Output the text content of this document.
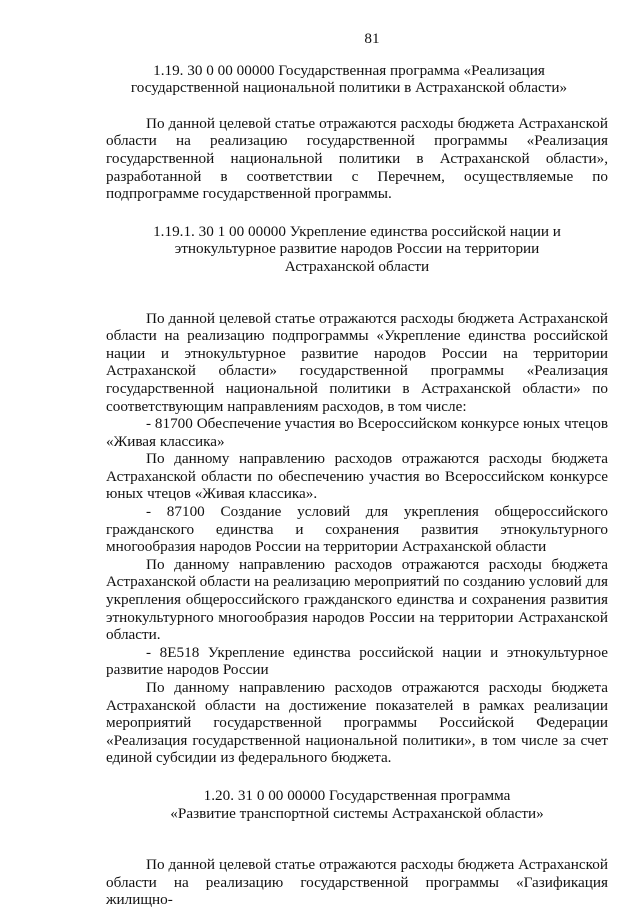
81

1.19. 30 0 00 00000 Государственная программа «Реализация государственной национальной политики в Астраханской области»

По данной целевой статье отражаются расходы бюджета Астраханской области на реализацию государственной программы «Реализация государственной национальной политики в Астраханской области», разработанной в соответствии с Перечнем, осуществляемые по подпрограмме государственной программы.

1.19.1. 30 1 00 00000 Укрепление единства российской нации и этнокультурное развитие народов России на территории Астраханской области

По данной целевой статье отражаются расходы бюджета Астраханской области на реализацию подпрограммы «Укрепление единства российской нации и этнокультурное развитие народов России на территории Астраханской области» государственной программы «Реализация государственной национальной политики в Астраханской области» по соответствующим направлениям расходов, в том числе:

- 81700 Обеспечение участия во Всероссийском конкурсе юных чтецов «Живая классика»

По данному направлению расходов отражаются расходы бюджета Астраханской области по обеспечению участия во Всероссийском конкурсе юных чтецов «Живая классика».

- 87100 Создание условий для укрепления общероссийского гражданского единства и сохранения развития этнокультурного многообразия народов России на территории Астраханской области

По данному направлению расходов отражаются расходы бюджета Астраханской области на реализацию мероприятий по созданию условий для укрепления общероссийского гражданского единства и сохранения развития этнокультурного многообразия народов России на территории Астраханской области.

- 8Е518 Укрепление единства российской нации и этнокультурное развитие народов России

По данному направлению расходов отражаются расходы бюджета Астраханской области на достижение показателей в рамках реализации мероприятий государственной программы Российской Федерации «Реализация государственной национальной политики», в том числе за счет единой субсидии из федерального бюджета.

1.20. 31 0 00 00000 Государственная программа

«Развитие транспортной системы Астраханской области»

По данной целевой статье отражаются расходы бюджета Астраханской области на реализацию государственной программы «Газификация жилищно-
